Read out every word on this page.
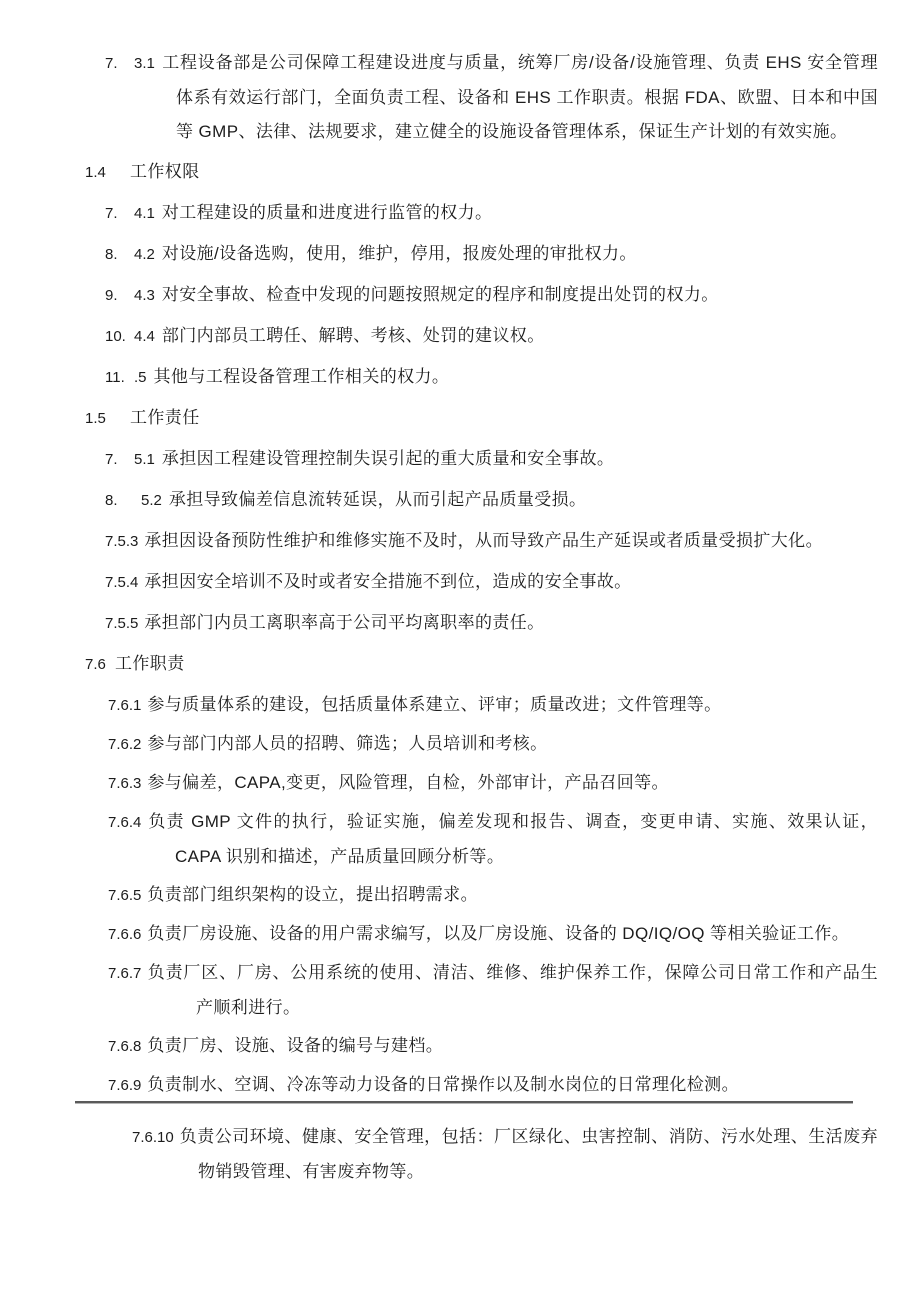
7. 3.1 工程设备部是公司保障工程建设进度与质量，统筹厂房/设备/设施管理、负责 EHS 安全管理体系有效运行部门，全面负责工程、设备和 EHS 工作职责。根据 FDA、欧盟、日本和中国等 GMP、法律、法规要求，建立健全的设施设备管理体系，保证生产计划的有效实施。
1.4 工作权限
7. 4.1 对工程建设的质量和进度进行监管的权力。
8. 4.2 对设施/设备选购，使用，维护，停用，报废处理的审批权力。
9. 4.3 对安全事故、检查中发现的问题按照规定的程序和制度提出处罚的权力。
10. 4.4 部门内部员工聘任、解聘、考核、处罚的建议权。
11. .5 其他与工程设备管理工作相关的权力。
1.5 工作责任
7. 5.1 承担因工程建设管理控制失误引起的重大质量和安全事故。
8. 5.2 承担导致偏差信息流转延误，从而引起产品质量受损。
7.5.3 承担因设备预防性维护和维修实施不及时，从而导致产品生产延误或者质量受损扩大化。
7.5.4 承担因安全培训不及时或者安全措施不到位，造成的安全事故。
7.5.5 承担部门内员工离职率高于公司平均离职率的责任。
7.6 工作职责
7.6.1 参与质量体系的建设，包括质量体系建立、评审；质量改进；文件管理等。
7.6.2 参与部门内部人员的招聘、筛选；人员培训和考核。
7.6.3 参与偏差，CAPA,变更，风险管理，自检，外部审计，产品召回等。
7.6.4 负责 GMP 文件的执行，验证实施，偏差发现和报告、调查，变更申请、实施、效果认证，CAPA 识别和描述，产品质量回顾分析等。
7.6.5 负责部门组织架构的设立，提出招聘需求。
7.6.6 负责厂房设施、设备的用户需求编写，以及厂房设施、设备的 DQ/IQ/OQ 等相关验证工作。
7.6.7 负责厂区、厂房、公用系统的使用、清洁、维修、维护保养工作，保障公司日常工作和产品生产顺利进行。
7.6.8 负责厂房、设施、设备的编号与建档。
7.6.9 负责制水、空调、冷冻等动力设备的日常操作以及制水岗位的日常理化检测。
7.6.10 负责公司环境、健康、安全管理，包括：厂区绿化、虫害控制、消防、污水处理、生活废弃物销毁管理、有害废弃物等。
